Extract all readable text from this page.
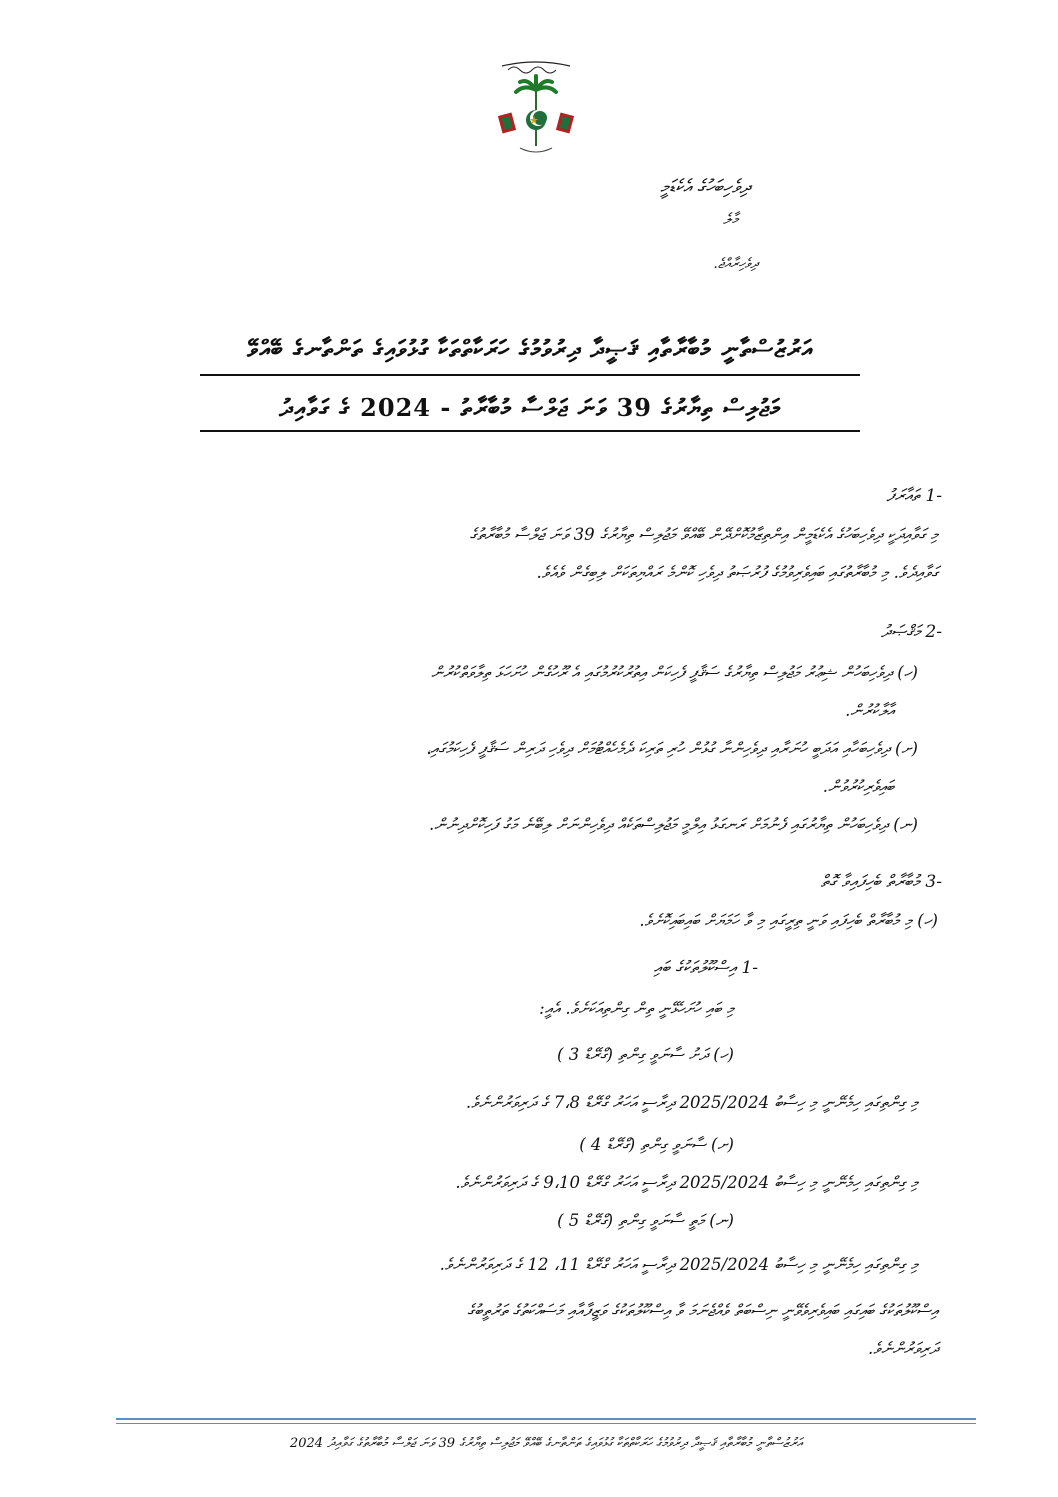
ދިވެހިބަހުގެ އެކެޑަމީ
މާލެ
ދިވެހިރާއްޖެ.
އަރުޒުސްތާނީ މުބާރާތާއި ޤަޞީދާ ދިރުވުމުގެ ހަރަކާތްތަކާ ގުޅުވައިގެ ތަންތާނގެ ބޭއްވޭ
މަޖުލިސް ތިޔާރުގެ 39 ވަނަ ޖަލްސާ މުބާރާތު - 2024 ގެ ގަވާއިދު
-1 ތައާރަފު
މި ގަވާއިދަކީ ދިވެހިބަހުގެ އެކެޑަމީން އިންތިޒާމުކޮށްދޭން ބޭއްވޭ މަޖުލިސް ތިޔާރުގެ 39 ވަނަ ޖަލްސާ މުބާރާތުގެ
ގަވާއިދެވެ. މި މުބާރާތުގައި ބައިވެރިވުމުގެ ފުރުޞަތު ދިވެހި ކޮންމެ ރައްޔިތަކަށް ލިބިގެން ވެއެވެ.
-2 މަޤްޞަދު
(ހ) ދިވެހިބަހުން ޝިޢުރު މަޖުލިސް ތިޔާރުގެ ސަޤާފީ ފެހިކަން އިތުރުކުރުމުގައި އެ ރޫހުގެން ހުށަހަޅަ ތިލާވަތްކުރުން
އާލާކުރުން.
(ށ) ދިވެހިބަހާއި އަދަބީ ހުނަރާއި ދިވެހިންނާ ގުޅުން ހުރި ތަރިކަ ދެމެހެއްޓުމަށް ދިވެހި ދަރިން ސަޤާފީ ފެހިކަމުގައި،
ބައިވެރިކުރުވުން.
(ނ) ދިވެހިބަހުން ތިޔާރުގައި ފެނުމަށް ރަނގަޅު އިލްމީ މަޖުލިސްތަކެއް ދިވެހިންނަށް ލިބޭނެ މަގު ފަހިކޮށްދިނުން.
-3 މުބާރާތް ބެހިފައިވާ ގޮތް
(ހ) މި މުބާރާތް ބެހިފައި ވަނީ ތިރީގައި މި ވާ ހަމަޔަށް ބައިބައިކޮށެވެ.
-1 އިސްކޫލުތަކުގެ ބައި
މި ބައި ހުށަހެޅޭނީ ތިން ގިންތިއަކަށެވެ. އެއީ:
(ހ) ދަށު ސާނަވީ ގިންތި (ގްރޭޑް 3 )
މި ގިންތިގައި ހިމެނޭނީ މި ހިސާބު 2025/2024 ދިރާސީ އަހަރު ގްރޭޑް 7،8 ގެ ދަރިވަރުންނެވެ.
(ށ) ސާނަވީ ގިންތި (ގްރޭޑް 4 )
މި ގިންތިގައި ހިމެނޭނީ މި ހިސާބު 2025/2024 ދިރާސީ އަހަރު ގްރޭޑް 9،10 ގެ ދަރިވަރުންނެވެ.
(ނ) މަތީ ސާނަވީ ގިންތި (ގްރޭޑް 5 )
މި ގިންތިގައި ހިމެނޭނީ މި ހިސާބު 2025/2024 ދިރާސީ އަހަރު ގްރޭޑް 11، 12 ގެ ދަރިވަރުންނެވެ.
އިސްކޫލުތަކުގެ ބައިގައި ބައިވެރިވެވޭނީ ނިސްބަތް ވެއްޖެނަމަ ވާ އިސްކޫލުތަކުގެ ވަޒީފާއާއި މަސައްކަތުގެ ތަރުތީބުގެ
ދަރިވަރުންނެވެ.
އަރުޒުސްތާނީ މުބާރާތާއި ޤަޞީދާ ދިރުވުމުގެ ހަރަކާތްތަކާ ގުޅުވައިގެ ތަންތާނގެ ބޭއްވޭ މަޖުލިސް ތިޔާރުގެ 39 ވަނަ ޖަލްސާ މުބާރާތުގެ ގަވާއިދު 2024
